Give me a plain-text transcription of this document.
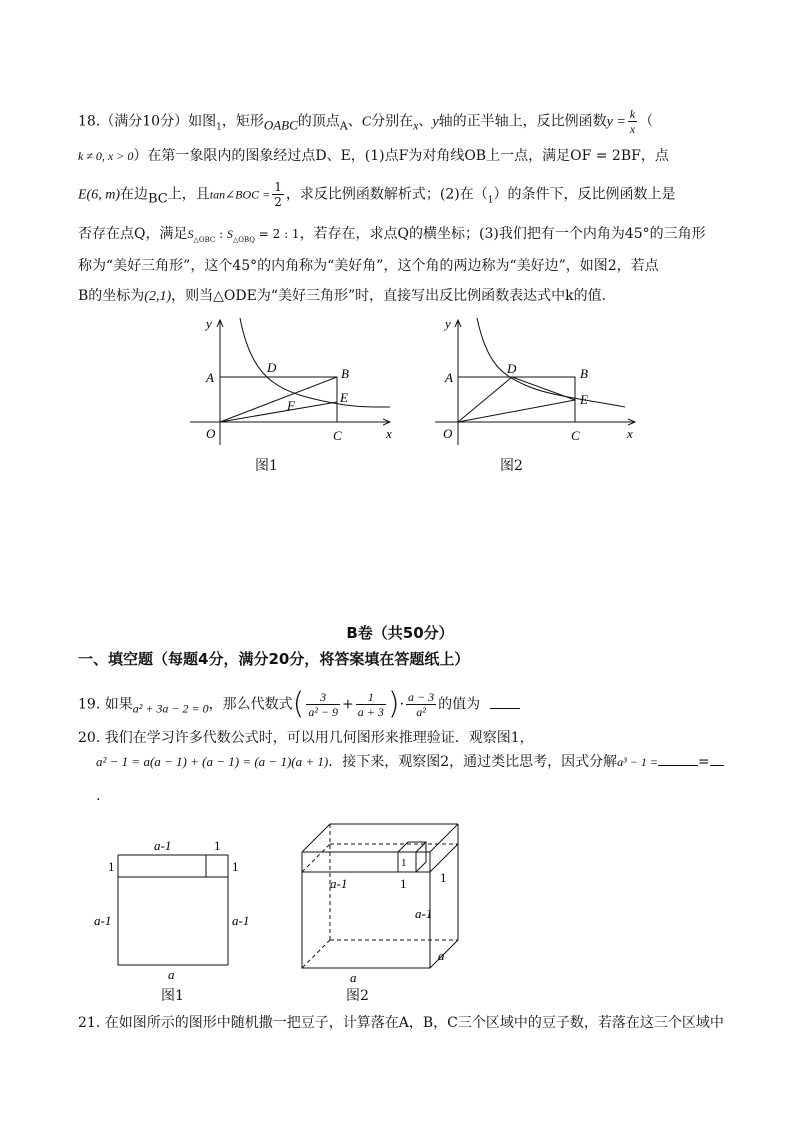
18.（满分10分）如图$_1$，矩形OABC的顶点$_A$、C分别在x、y轴的正半轴上，反比例函数$y = \frac{k}{x}$ （
k ≠ 0, x > 0）在第一象限内的图象经过点D、E，(1)点F为对角线OB上一点，满足OF = 2BF，点
E(6, m)在边BC上，且tan∠BOC = $\frac{1}{2}$ ，求反比例函数解析式；(2)在$(_1)$的条件下，反比例函数上是
否存在点Q，满足$S_{\triangle OBC}$ : $S_{\triangle OBQ} = 2$ : 1，若存在，求点Q的横坐标；(3)我们把有一个内角为45°的三角形
称为“美好三角形”，这个45°的内角称为“美好角”，这个角的两边称为“美好边”，如图2，若点
B的坐标为(2,1)，则当△ODE为“美好三角形”时，直接写出反比例函数表达式中k的值.
y
x
O
A	B
C
D
E
F
图1
y
x
O
A	B
C
D
E
图2
B卷（共50分）
一、填空题（每题4分，满分20分，将答案填在答题纸上）
19. 如果a² + 3a − 2 = 0，那么代数式( $\frac{3}{\text{a² − 9}} + \frac{1}{a + 3}$ )· $\frac{a - 3}{\text{a²}}$ 的值为
20. 我们在学习许多代数公式时，可以用几何图形来推理验证．观察图1，
a² − 1 = a(a − 1) + (a − 1) = (a − 1)(a + 1)．接下来，观察图2，通过类比思考，因式分解a³ − 1 =	=
.
a-1	1
1	1
a-1	a-1
a
图1
1
a-1	1	1
a-1
a
a
图2
21. 在如图所示的图形中随机撒一把豆子，计算落在A，B，C三个区域中的豆子数，若落在这三个区域中
